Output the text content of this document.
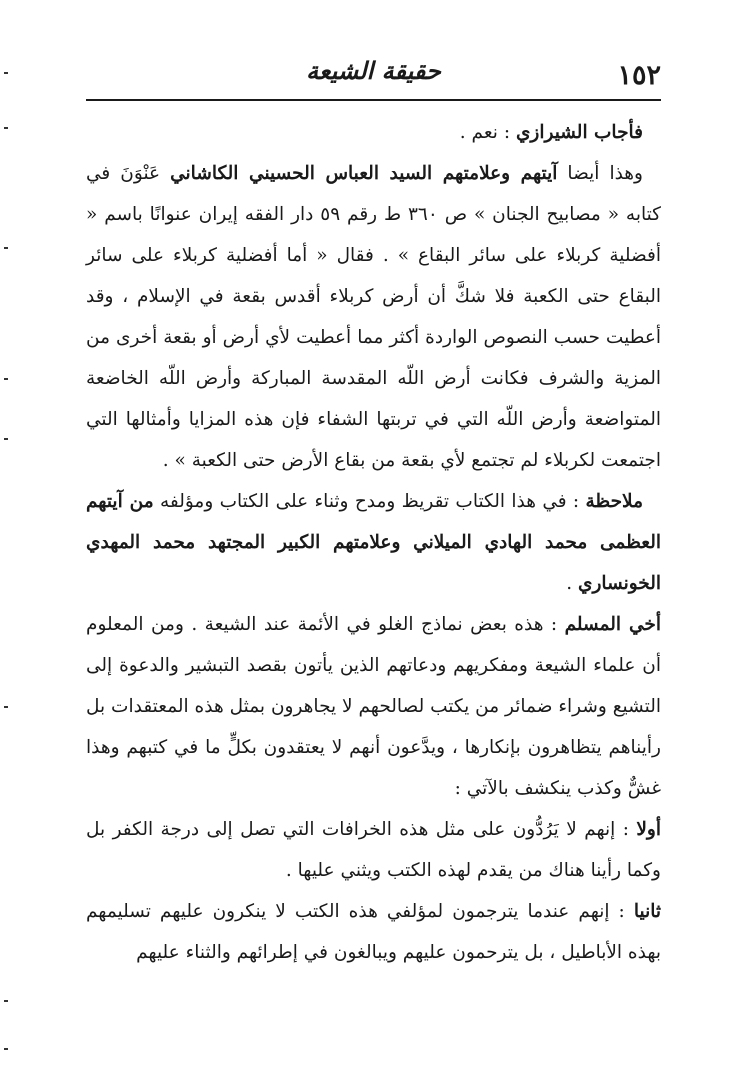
١٥٢
حقيقة الشيعة

فأجاب الشيرازي : نعم .

وهذا أيضا آيتهم وعلامتهم السيد العباس الحسيني الكاشاني عَنْوَنَ في كتابه « مصابيح الجنان » ص ٣٦٠ ط رقم ٥٩ دار الفقه إيران عنوانًا باسم « أفضلية كربلاء على سائر البقاع » . فقال « أما أفضلية كربلاء على سائر البقاع حتى الكعبة فلا شكَّ أن أرض كربلاء أقدس بقعة في الإسلام ، وقد أعطيت حسب النصوص الواردة أكثر مما أعطيت لأي أرض أو بقعة أخرى من المزية والشرف فكانت أرض اللّه المقدسة المباركة وأرض اللّه الخاضعة المتواضعة وأرض اللّه التي في تربتها الشفاء فإن هذه المزايا وأمثالها التي اجتمعت لكربلاء لم تجتمع لأي بقعة من بقاع الأرض حتى الكعبة » .

ملاحظة : في هذا الكتاب تقريظ ومدح وثناء على الكتاب ومؤلفه من آيتهم العظمى محمد الهادي الميلاني وعلامتهم الكبير المجتهد محمد المهدي الخونساري .

أخي المسلم : هذه بعض نماذج الغلو في الأئمة عند الشيعة . ومن المعلوم أن علماء الشيعة ومفكريهم ودعاتهم الذين يأتون بقصد التبشير والدعوة إلى التشيع وشراء ضمائر من يكتب لصالحهم لا يجاهرون بمثل هذه المعتقدات بل رأيناهم يتظاهرون بإنكارها ، ويدَّعون أنهم لا يعتقدون بكلٍّ ما في كتبهم وهذا غشٌّ وكذب ينكشف بالآتي :

أولا : إنهم لا يَرُدُّون على مثل هذه الخرافات التي تصل إلى درجة الكفر بل وكما رأينا هناك من يقدم لهذه الكتب ويثني عليها .

ثانيا : إنهم عندما يترجمون لمؤلفي هذه الكتب لا ينكرون عليهم تسليمهم بهذه الأباطيل ، بل يترحمون عليهم ويبالغون في إطرائهم والثناء عليهم
